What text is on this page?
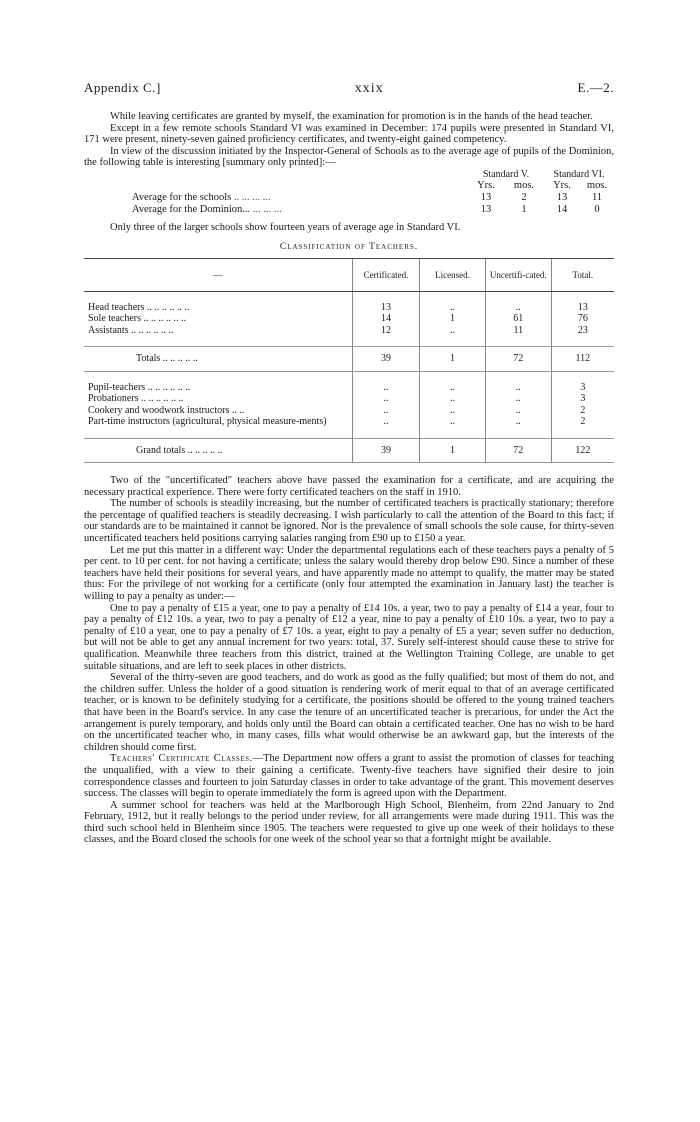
Appendix C.]	xxix	E.—2.

While leaving certificates are granted by myself, the examination for promotion is in the hands of the head teacher.

Except in a few remote schools Standard VI was examined in December: 174 pupils were presented in Standard VI, 171 were present, ninety-seven gained proficiency certificates, and twenty-eight gained competency.

In view of the discussion initiated by the Inspector-General of Schools as to the average age of pupils of the Dominion, the following table is interesting [summary only printed]:—

Standard V.	Standard VI.
Yrs.	mos.	Yrs.	mos.
Average for the schools .. ... ... ...	13	2	13	11
Average for the Dominion... ... ... ...	13	1	14	0

Only three of the larger schools show fourteen years of average age in Standard VI.

Classification of Teachers.
—	Certificated.	Licensed.	Uncertifi-cated.	Total.
Head teachers .. .. .. .. .. ..	13	..	..	13
Sole teachers .. .. .. .. .. ..	14	1	61	76
Assistants .. .. .. .. .. ..	12	..	11	23

Totals .. .. .. .. ..	39	1	72	112
Pupil-teachers .. .. .. .. .. ..	..	..	..	3
Probationers .. .. .. .. .. ..	..	..	..	3
Cookery and woodwork instructors .. ..	..	..	..	2
Part-time instructors (agricultural, physical measure-ments)	..	..	..	2

Grand totals .. .. .. .. ..	39	1	72	122

Two of the "uncertificated" teachers above have passed the examination for a certificate, and are acquiring the necessary practical experience. There were forty certificated teachers on the staff in 1910.

The number of schools is steadily increasing, but the number of certificated teachers is practically stationary; therefore the percentage of qualified teachers is steadily decreasing. I wish particularly to call the attention of the Board to this fact; if our standards are to be maintained it cannot be ignored. Nor is the prevalence of small schools the sole cause, for thirty-seven uncertificated teachers held positions carrying salaries ranging from £90 up to £150 a year.

Let me put this matter in a different way: Under the departmental regulations each of these teachers pays a penalty of 5 per cent. to 10 per cent. for not having a certificate; unless the salary would thereby drop below £90. Since a number of these teachers have held their positions for several years, and have apparently made no attempt to qualify, the matter may be stated thus: For the privilege of not working for a certificate (only four attempted the examination in January last) the teacher is willing to pay a penalty as under:—

One to pay a penalty of £15 a year, one to pay a penalty of £14 10s. a year, two to pay a penalty of £14 a year, four to pay a penalty of £12 10s. a year, two to pay a penalty of £12 a year, nine to pay a penalty of £10 10s. a year, two to pay a penalty of £10 a year, one to pay a penalty of £7 10s. a year, eight to pay a penalty of £5 a year; seven suffer no deduction, but will not be able to get any annual increment for two years: total, 37. Surely self-interest should cause these to strive for qualification. Meanwhile three teachers from this district, trained at the Wellington Training College, are unable to get suitable situations, and are left to seek places in other districts.

Several of the thirty-seven are good teachers, and do work as good as the fully qualified; but most of them do not, and the children suffer. Unless the holder of a good situation is rendering work of merit equal to that of an average certificated teacher, or is known to be definitely studying for a certificate, the positions should be offered to the young trained teachers that have been in the Board's service. In any case the tenure of an uncertificated teacher is precarious, for under the Act the arrangement is purely temporary, and holds only until the Board can obtain a certificated teacher. One has no wish to be hard on the uncertificated teacher who, in many cases, fills what would otherwise be an awkward gap, but the interests of the children should come first.

Teachers' Certificate Classes.—The Department now offers a grant to assist the promotion of classes for teaching the unqualified, with a view to their gaining a certificate. Twenty-five teachers have signified their desire to join correspondence classes and fourteen to join Saturday classes in order to take advantage of the grant. This movement deserves success. The classes will begin to operate immediately the form is agreed upon with the Department.

A summer school for teachers was held at the Marlborough High School, Blenheim, from 22nd January to 2nd February, 1912, but it really belongs to the period under review, for all arrangements were made during 1911. This was the third such school held in Blenheim since 1905. The teachers were requested to give up one week of their holidays to these classes, and the Board closed the schools for one week of the school year so that a fortnight might be available.
